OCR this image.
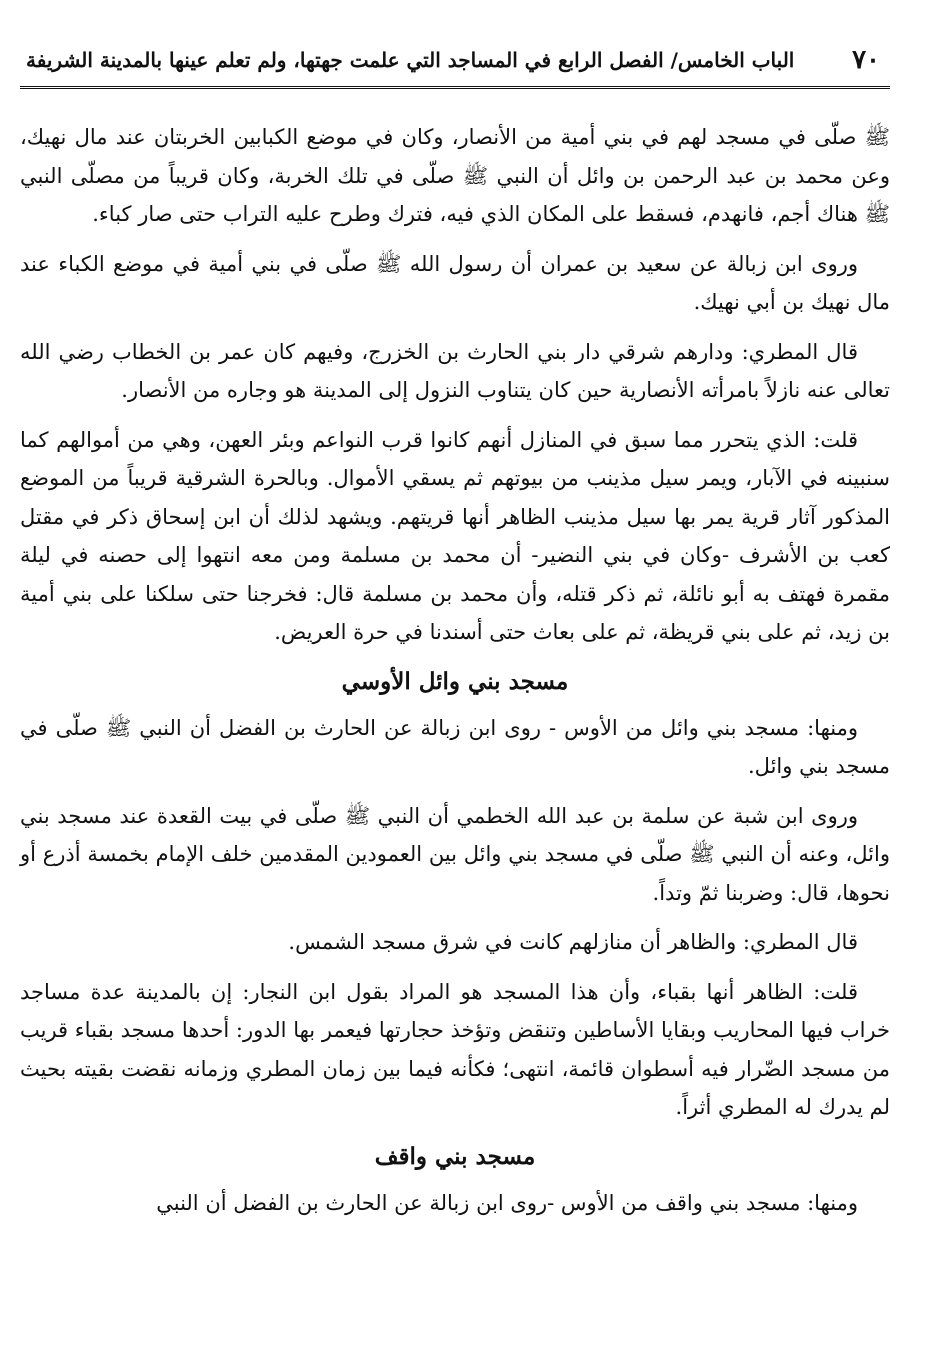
٧٠
الباب الخامس/ الفصل الرابع في المساجد التي علمت جهتها، ولم تعلم عينها بالمدينة الشريفة

ﷺ صلّى في مسجد لهم في بني أمية من الأنصار، وكان في موضع الكبابين الخربتان عند مال نهيك، وعن محمد بن عبد الرحمن بن وائل أن النبي ﷺ صلّى في تلك الخربة، وكان قريباً من مصلّى النبي ﷺ هناك أجم، فانهدم، فسقط على المكان الذي فيه، فترك وطرح عليه التراب حتى صار كباء.

وروى ابن زبالة عن سعيد بن عمران أن رسول الله ﷺ صلّى في بني أمية في موضع الكباء عند مال نهيك بن أبي نهيك.

قال المطري: ودارهم شرقي دار بني الحارث بن الخزرج، وفيهم كان عمر بن الخطاب رضي الله تعالى عنه نازلاً بامرأته الأنصارية حين كان يتناوب النزول إلى المدينة هو وجاره من الأنصار.

قلت: الذي يتحرر مما سبق في المنازل أنهم كانوا قرب النواعم وبئر العهن، وهي من أموالهم كما سنبينه في الآبار، ويمر سيل مذينب من بيوتهم ثم يسقي الأموال. وبالحرة الشرقية قريباً من الموضع المذكور آثار قرية يمر بها سيل مذينب الظاهر أنها قريتهم. ويشهد لذلك أن ابن إسحاق ذكر في مقتل كعب بن الأشرف -وكان في بني النضير- أن محمد بن مسلمة ومن معه انتهوا إلى حصنه في ليلة مقمرة فهتف به أبو نائلة، ثم ذكر قتله، وأن محمد بن مسلمة قال: فخرجنا حتى سلكنا على بني أمية بن زيد، ثم على بني قريظة، ثم على بعاث حتى أسندنا في حرة العريض.

مسجد بني وائل الأوسي

ومنها: مسجد بني وائل من الأوس - روى ابن زبالة عن الحارث بن الفضل أن النبي ﷺ صلّى في مسجد بني وائل.

وروى ابن شبة عن سلمة بن عبد الله الخطمي أن النبي ﷺ صلّى في بيت القعدة عند مسجد بني وائل، وعنه أن النبي ﷺ صلّى في مسجد بني وائل بين العمودين المقدمين خلف الإمام بخمسة أذرع أو نحوها، قال: وضربنا ثمّ وتداً.

قال المطري: والظاهر أن منازلهم كانت في شرق مسجد الشمس.

قلت: الظاهر أنها بقباء، وأن هذا المسجد هو المراد بقول ابن النجار: إن بالمدينة عدة مساجد خراب فيها المحاريب وبقايا الأساطين وتنقض وتؤخذ حجارتها فيعمر بها الدور: أحدها مسجد بقباء قريب من مسجد الضّرار فيه أسطوان قائمة، انتهى؛ فكأنه فيما بين زمان المطري وزمانه نقضت بقيته بحيث لم يدرك له المطري أثراً.

مسجد بني واقف

ومنها: مسجد بني واقف من الأوس -روى ابن زبالة عن الحارث بن الفضل أن النبي
